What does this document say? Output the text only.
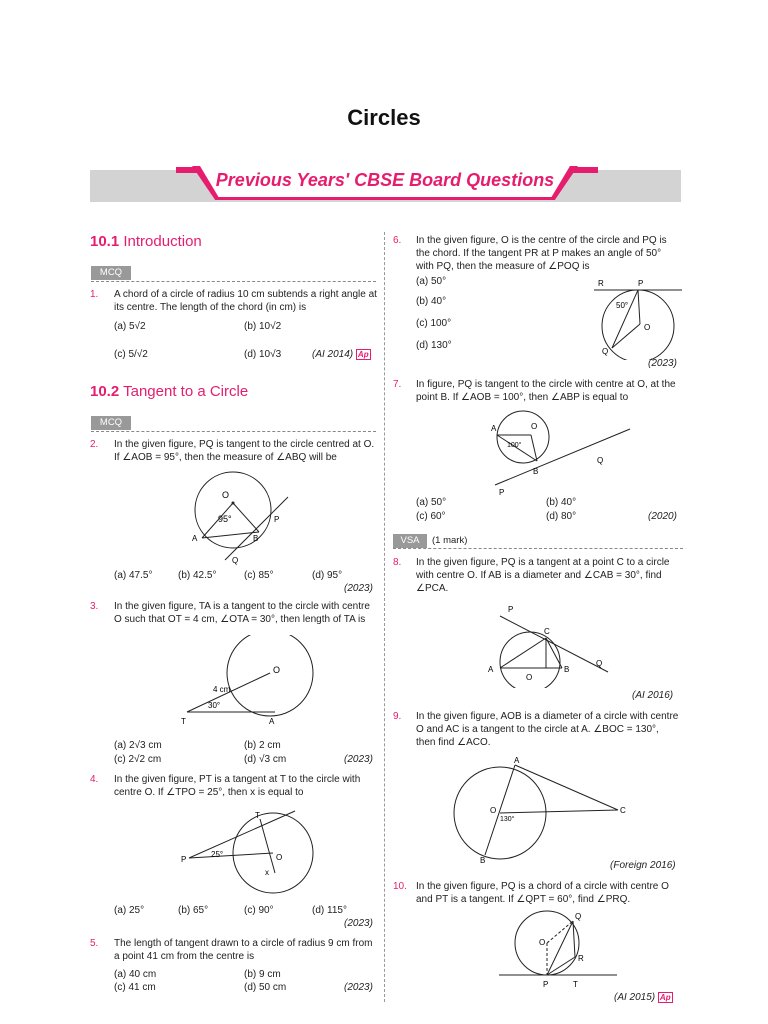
Circles
Previous Years' CBSE Board Questions
10.1 Introduction
MCQ
1. A chord of a circle of radius 10 cm subtends a right angle at its centre. The length of the chord (in cm) is
(a) 5√2	(b) 10√2
(c) 5/√2	(d) 10√3	(AI 2014) Ap
10.2 Tangent to a Circle
MCQ
2. In the given figure, PQ is tangent to the circle centred at O. If ∠AOB = 95°, then the measure of ∠ABQ will be
O
95°
A	B
P
Q
(a) 47.5°	(b) 42.5°	(c) 85°	(d) 95°
(2023)
3. In the given figure, TA is a tangent to the circle with centre O such that OT = 4 cm, ∠OTA = 30°, then length of TA is
O
4 cm
30°
T	A
(a) 2√3 cm	(b) 2 cm
(c) 2√2 cm	(d) √3 cm	(2023)
4. In the given figure, PT is a tangent at T to the circle with centre O. If ∠TPO = 25°, then x is equal to
T
P
25°	O
x
(a) 25°	(b) 65°	(c) 90°	(d) 115°
(2023)
5. The length of tangent drawn to a circle of radius 9 cm from a point 41 cm from the centre is
(a) 40 cm	(b) 9 cm
(c) 41 cm	(d) 50 cm	(2023)
6. In the given figure, O is the centre of the circle and PQ is the chord. If the tangent PR at P makes an angle of 50° with PQ, then the measure of ∠POQ is
(a) 50°
(b) 40°
(c) 100°
(d) 130°
R	P
50°
O
Q
(2023)
7. In figure, PQ is tangent to the circle with centre at O, at the point B. If ∠AOB = 100°, then ∠ABP is equal to
A	O
100°
B
P
Q
(a) 50°	(b) 40°
(c) 60°	(d) 80°	(2020)
VSA	(1 mark)
8. In the given figure, PQ is a tangent at a point C to a circle with centre O. If AB is a diameter and ∠CAB = 30°, find ∠PCA.
P
C
A	B
O
Q
(AI 2016)
9. In the given figure, AOB is a diameter of a circle with centre O and AC is a tangent to the circle at A. ∠BOC = 130°, then find ∠ACO.
A
O
130°
B
C
(Foreign 2016)
10. In the given figure, PQ is a chord of a circle with centre O and PT is a tangent. If ∠QPT = 60°, find ∠PRQ.
O
Q
R
P	T
(AI 2015) Ap
